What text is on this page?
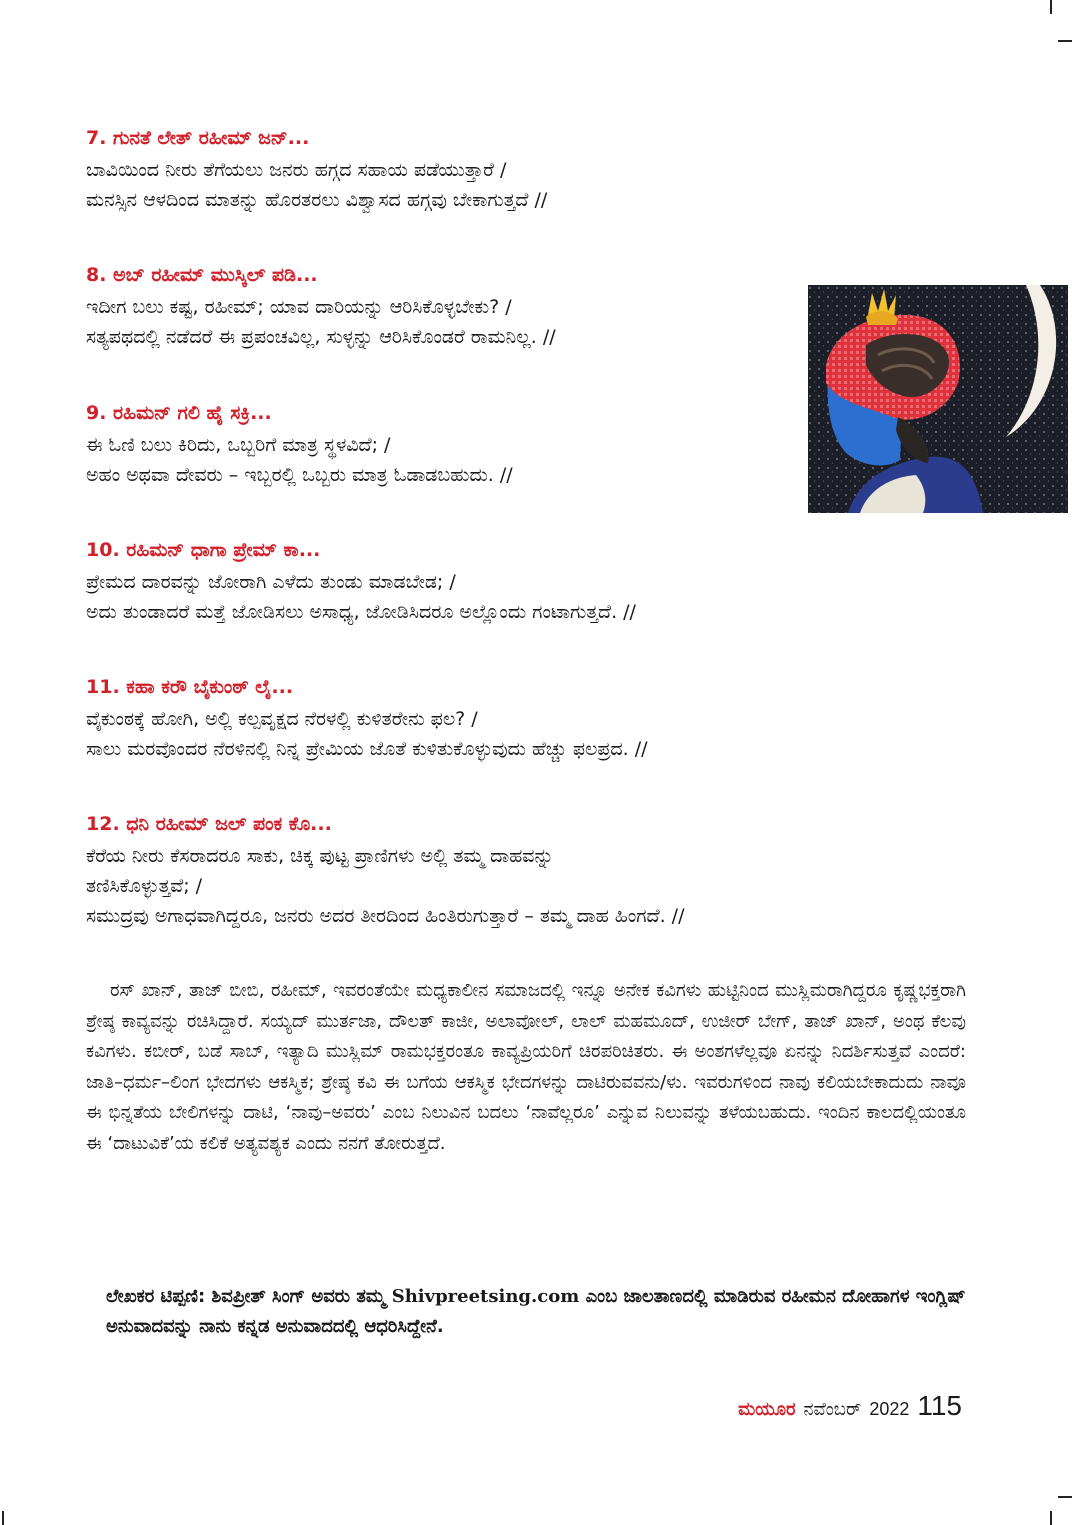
7. ಗುನತೆ ಲೇತ್ ರಹೀಮ್ ಜನ್...
ಬಾವಿಯಿಂದ ನೀರು ತೆಗೆಯಲು ಜನರು ಹಗ್ಗದ ಸಹಾಯ ಪಡೆಯುತ್ತಾರೆ /
ಮನಸ್ಸಿನ ಆಳದಿಂದ ಮಾತನ್ನು ಹೊರತರಲು ವಿಶ್ವಾಸದ ಹಗ್ಗವು ಬೇಕಾಗುತ್ತದೆ //
8. ಅಬ್ ರಹೀಮ್ ಮುಸ್ಕಿಲ್ ಪಡಿ...
ಇದೀಗ ಬಲು ಕಷ್ಟ, ರಹೀಮ್; ಯಾವ ದಾರಿಯನ್ನು ಆರಿಸಿಕೊಳ್ಳಬೇಕು? /
ಸತ್ಯಪಥದಲ್ಲಿ ನಡೆದರೆ ಈ ಪ್ರಪಂಚವಿಲ್ಲ, ಸುಳ್ಳನ್ನು ಆರಿಸಿಕೊಂಡರೆ ರಾಮನಿಲ್ಲ. //
9. ರಹಿಮನ್ ಗಲಿ ಹೈ ಸಕ್ರಿ...
ಈ ಓಣಿ ಬಲು ಕಿರಿದು, ಒಬ್ಬರಿಗೆ ಮಾತ್ರ ಸ್ಥಳವಿದೆ; /
ಅಹಂ ಅಥವಾ ದೇವರು – ಇಬ್ಬರಲ್ಲಿ ಒಬ್ಬರು ಮಾತ್ರ ಓಡಾಡಬಹುದು. //
10. ರಹಿಮನ್ ಧಾಗಾ ಪ್ರೇಮ್ ಕಾ...
ಪ್ರೇಮದ ದಾರವನ್ನು ಜೋರಾಗಿ ಎಳೆದು ತುಂಡು ಮಾಡಬೇಡ; /
ಅದು ತುಂಡಾದರೆ ಮತ್ತೆ ಜೋಡಿಸಲು ಅಸಾಧ್ಯ, ಜೋಡಿಸಿದರೂ ಅಲ್ಲೊಂದು ಗಂಟಾಗುತ್ತದೆ. //
11. ಕಹಾ ಕರೌ ಬೈಕುಂಠ್ ಲೈ...
ವೈಕುಂಠಕ್ಕೆ ಹೋಗಿ, ಅಲ್ಲಿ ಕಲ್ಪವೃಕ್ಷದ ನೆರಳಲ್ಲಿ ಕುಳಿತರೇನು ಫಲ? /
ಸಾಲು ಮರವೊಂದರ ನೆರಳಿನಲ್ಲಿ ನಿನ್ನ ಪ್ರೇಮಿಯ ಜೊತೆ ಕುಳಿತುಕೊಳ್ಳುವುದು ಹೆಚ್ಚು ಫಲಪ್ರದ. //
12. ಧನಿ ರಹೀಮ್ ಜಲ್ ಪಂಕ ಕೊ...
ಕೆರೆಯ ನೀರು ಕೆಸರಾದರೂ ಸಾಕು, ಚಿಕ್ಕ ಪುಟ್ಟ ಪ್ರಾಣಿಗಳು ಅಲ್ಲಿ ತಮ್ಮ ದಾಹವನ್ನು
ತಣಿಸಿಕೊಳ್ಳುತ್ತವೆ; /
ಸಮುದ್ರವು ಅಗಾಧವಾಗಿದ್ದರೂ, ಜನರು ಅದರ ತೀರದಿಂದ ಹಿಂತಿರುಗುತ್ತಾರೆ – ತಮ್ಮ ದಾಹ ಹಿಂಗದೆ. //

ರಸ್ ಖಾನ್, ತಾಜ್ ಬೀಬಿ, ರಹೀಮ್, ಇವರಂತೆಯೇ ಮಧ್ಯಕಾಲೀನ ಸಮಾಜದಲ್ಲಿ ಇನ್ನೂ ಅನೇಕ ಕವಿಗಳು ಹುಟ್ಟಿನಿಂದ ಮುಸ್ಲಿಮರಾಗಿದ್ದರೂ ಕೃಷ್ಣಭಕ್ತರಾಗಿ ಶ್ರೇಷ್ಠ ಕಾವ್ಯವನ್ನು ರಚಿಸಿದ್ದಾರೆ. ಸಯ್ಯದ್ ಮುರ್ತಜಾ, ದೌಲತ್ ಕಾಜೀ, ಅಲಾವೋಲ್, ಲಾಲ್ ಮಹಮೂದ್, ಉಜೀರ್ ಬೇಗ್, ತಾಜ್ ಖಾನ್, ಅಂಥ ಕೆಲವು ಕವಿಗಳು. ಕಬೀರ್, ಬಡೆ ಸಾಬ್, ಇತ್ಯಾದಿ ಮುಸ್ಲಿಮ್ ರಾಮಭಕ್ತರಂತೂ ಕಾವ್ಯಪ್ರಿಯರಿಗೆ ಚಿರಪರಿಚಿತರು. ಈ ಅಂಶಗಳೆಲ್ಲವೂ ಏನನ್ನು ನಿದರ್ಶಿಸುತ್ತವೆ ಎಂದರೆ: ಜಾತಿ–ಧರ್ಮ–ಲಿಂಗ ಭೇದಗಳು ಆಕಸ್ಮಿಕ; ಶ್ರೇಷ್ಠ ಕವಿ ಈ ಬಗೆಯ ಆಕಸ್ಮಿಕ ಭೇದಗಳನ್ನು ದಾಟಿರುವವನು/ಳು. ಇವರುಗಳಿಂದ ನಾವು ಕಲಿಯಬೇಕಾದುದು ನಾವೂ ಈ ಭಿನ್ನತೆಯ ಬೇಲಿಗಳನ್ನು ದಾಟಿ, ‘ನಾವು–ಅವರು’ ಎಂಬ ನಿಲುವಿನ ಬದಲು ‘ನಾವೆಲ್ಲರೂ’ ಎನ್ನುವ ನಿಲುವನ್ನು ತಳೆಯಬಹುದು. ಇಂದಿನ ಕಾಲದಲ್ಲಿಯಂತೂ ಈ ‘ದಾಟುವಿಕೆ’ಯ ಕಲಿಕೆ ಅತ್ಯವಶ್ಯಕ ಎಂದು ನನಗೆ ತೋರುತ್ತದೆ.

ಲೇಖಕರ ಟಿಪ್ಪಣಿ: ಶಿವಪ್ರೀತ್ ಸಿಂಗ್ ಅವರು ತಮ್ಮ Shivpreetsing.com ಎಂಬ ಜಾಲತಾಣದಲ್ಲಿ ಮಾಡಿರುವ ರಹೀಮನ ದೋಹಾಗಳ ಇಂಗ್ಲಿಷ್ ಅನುವಾದವನ್ನು ನಾನು ಕನ್ನಡ ಅನುವಾದದಲ್ಲಿ ಆಧರಿಸಿದ್ದೇನೆ.

ಮಯೂರ ನವೆಂಬರ್ 2022 115
